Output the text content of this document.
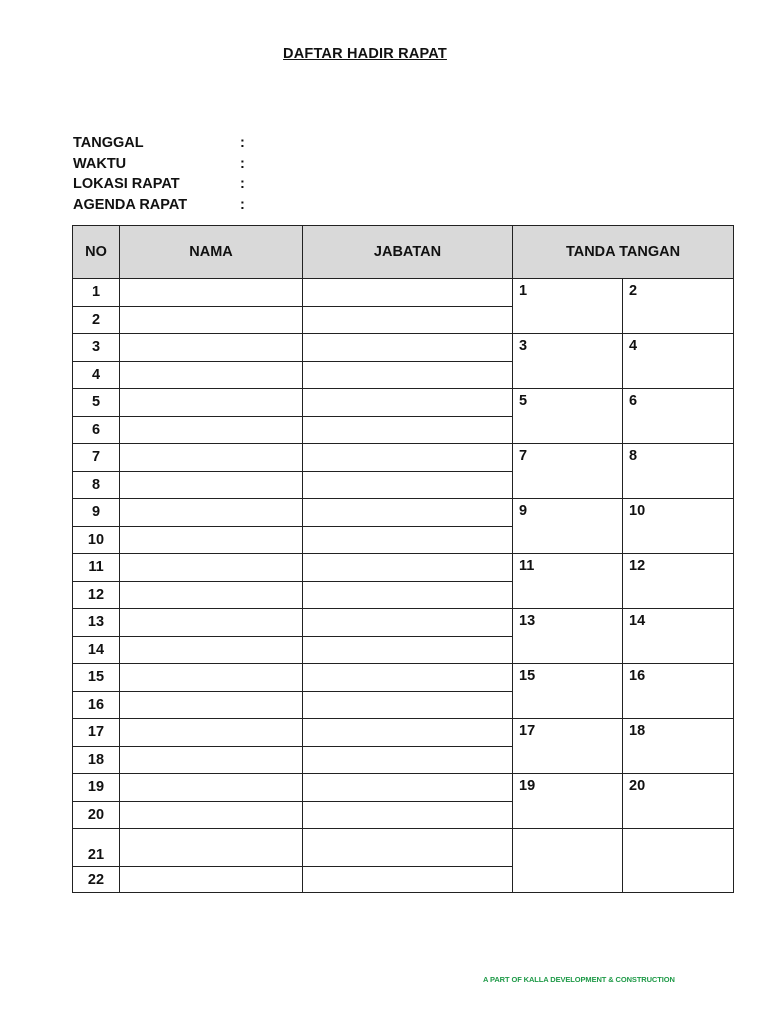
DAFTAR HADIR RAPAT
TANGGAL	:
WAKTU	:
LOKASI RAPAT	:
AGENDA RAPAT	:
NO	NAMA	JABATAN	TANDA TANGAN	
1			1	2
2				
3			3	4
4				
5			5	6
6				
7			7	8
8				
9			9	10
10				
11			11	12
12				
13			13	14
14				
15			15	16
16				
17			17	18
18				
19			19	20
20				
21				
22				
A PART OF KALLA DEVELOPMENT & CONSTRUCTION
